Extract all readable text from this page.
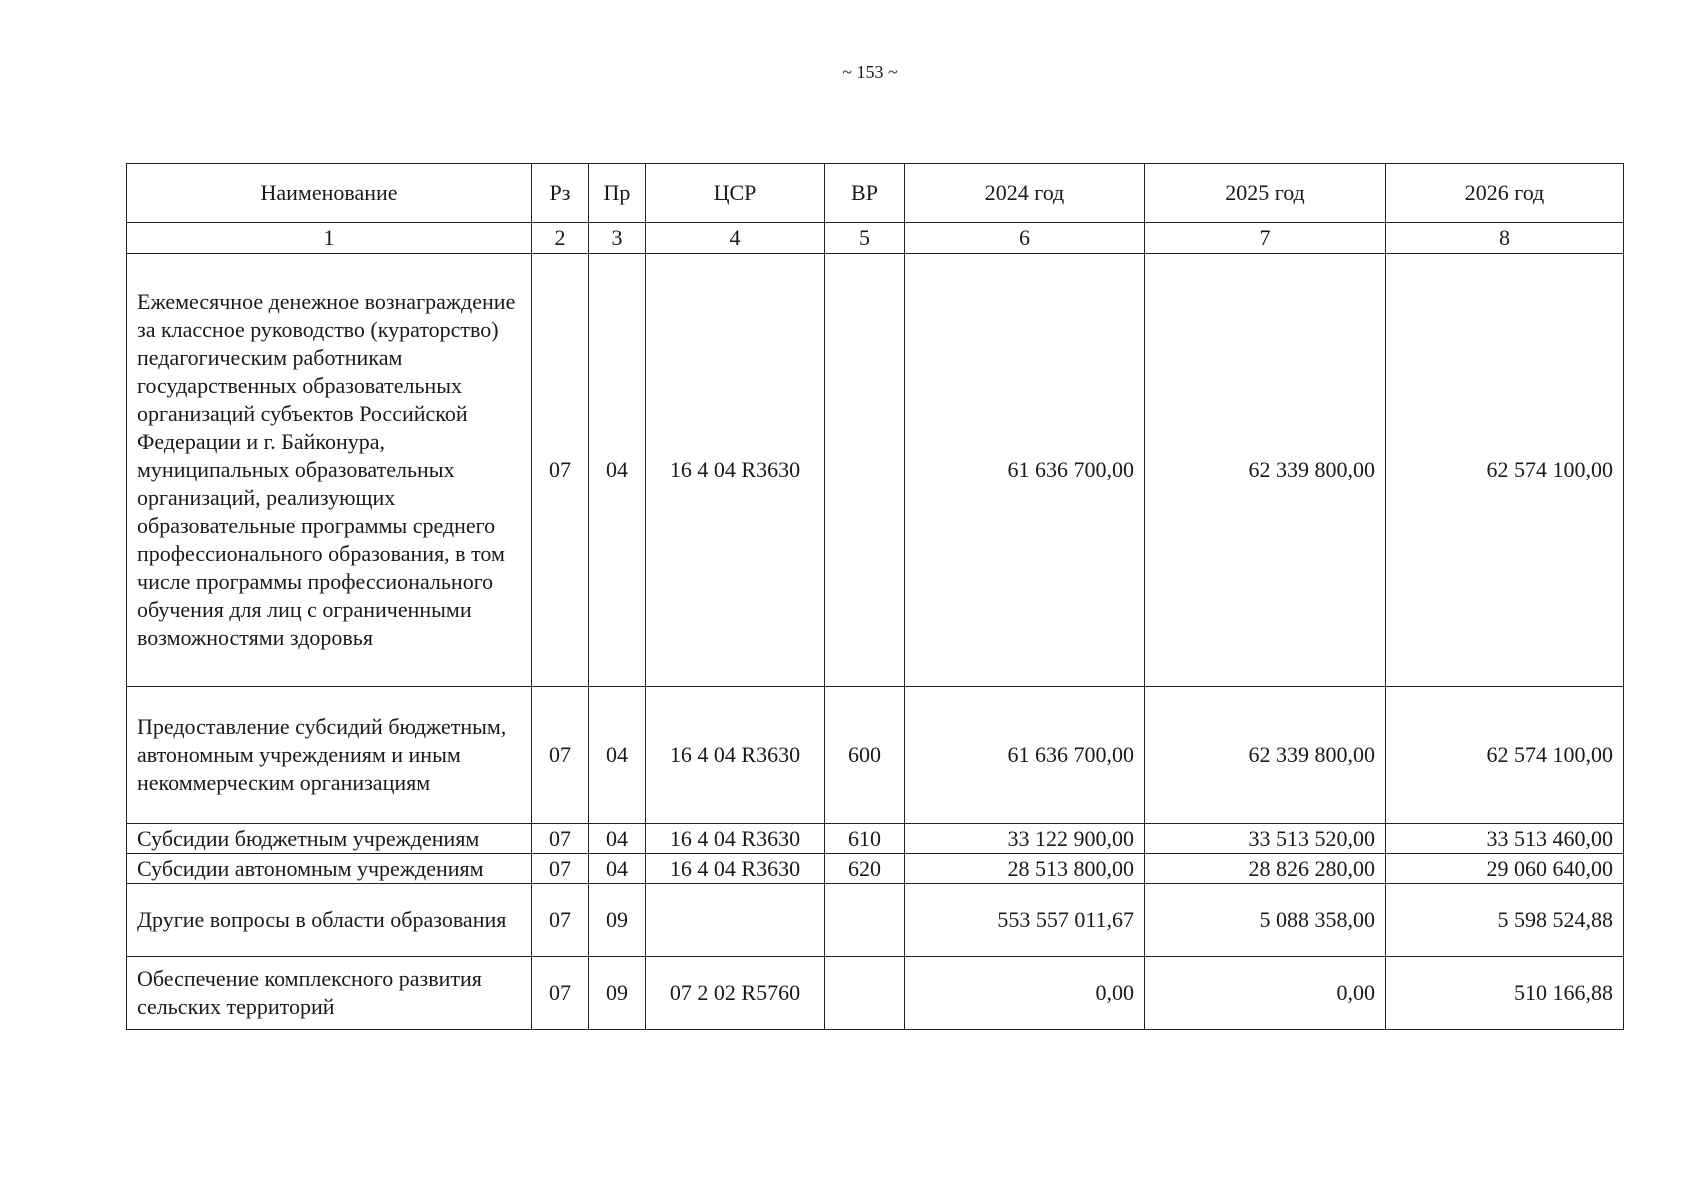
~ 153 ~
Наименование	Рз	Пр	ЦСР	ВР	2024 год	2025 год	2026 год
1	2	3	4	5	6	7	8
Ежемесячное денежное вознаграждение за классное руководство (кураторство) педагогическим работникам государственных образовательных организаций субъектов Российской Федерации и г. Байконура, муниципальных образовательных организаций, реализующих образовательные программы среднего профессионального образования, в том числе программы профессионального обучения для лиц с ограниченными возможностями здоровья	07	04	16 4 04 R3630		61 636 700,00	62 339 800,00	62 574 100,00
Предоставление субсидий бюджетным, автономным учреждениям и иным некоммерческим организациям	07	04	16 4 04 R3630	600	61 636 700,00	62 339 800,00	62 574 100,00
Субсидии бюджетным учреждениям	07	04	16 4 04 R3630	610	33 122 900,00	33 513 520,00	33 513 460,00
Субсидии автономным учреждениям	07	04	16 4 04 R3630	620	28 513 800,00	28 826 280,00	29 060 640,00
Другие вопросы в области образования	07	09			553 557 011,67	5 088 358,00	5 598 524,88
Обеспечение комплексного развития сельских территорий	07	09	07 2 02 R5760		0,00	0,00	510 166,88
